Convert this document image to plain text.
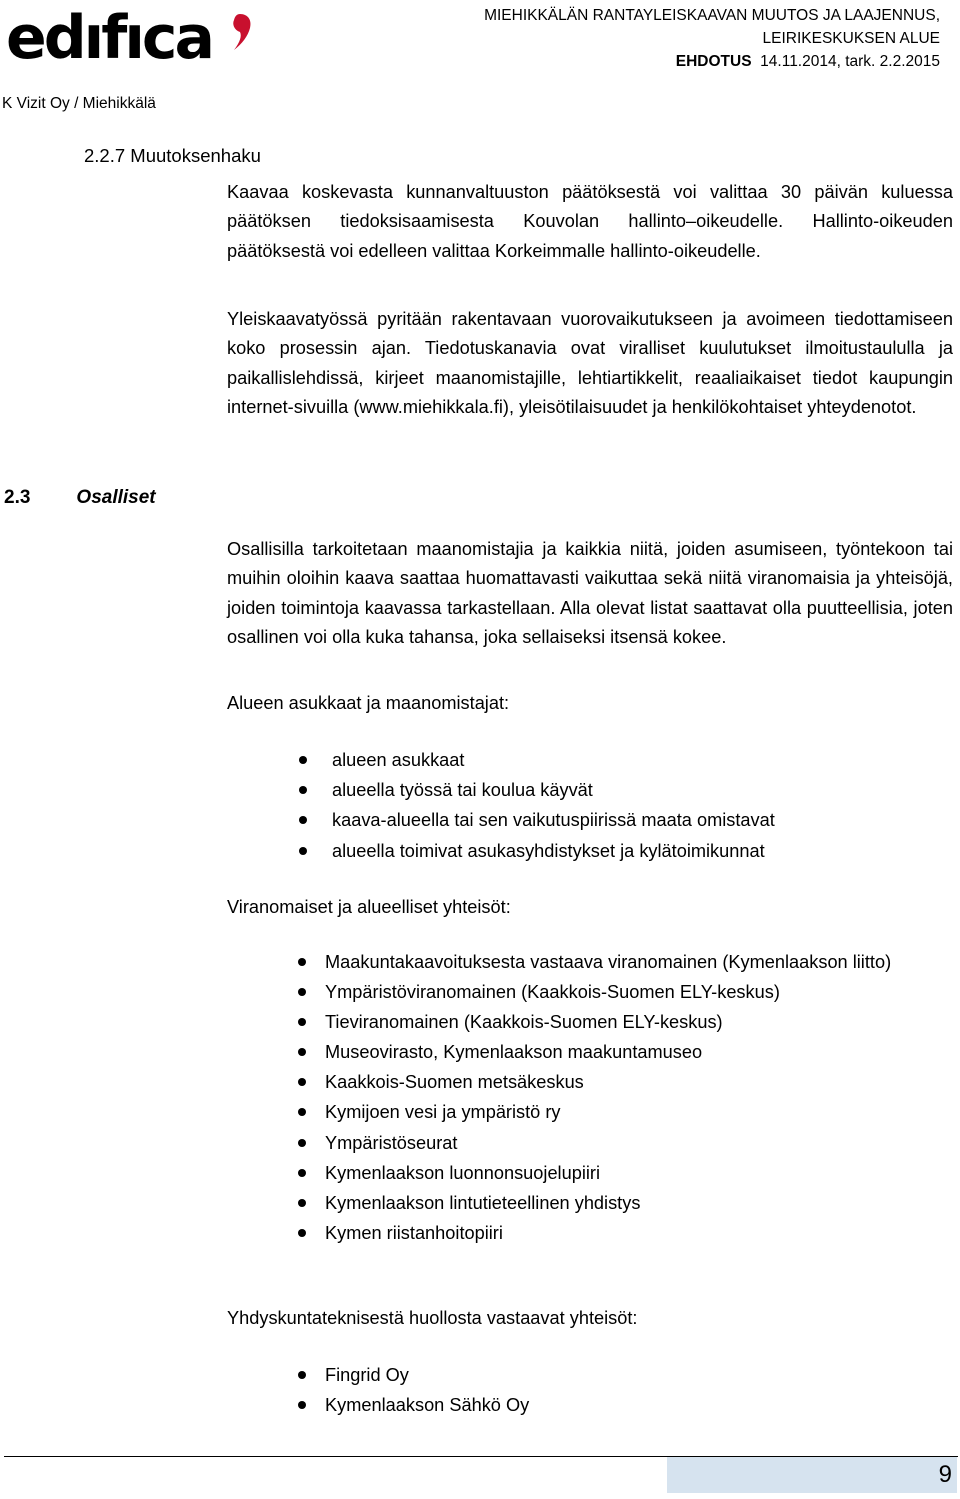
edıfıca	MIEHIKKÄLÄN RANTAYLEISKAAVAN MUUTOS JA LAAJENNUS,
LEIRIKESKUKSEN ALUE
EHDOTUS 14.11.2014, tark. 2.2.2015
K Vizit Oy / Miehikkälä
2.2.7 Muutoksenhaku
Kaavaa koskevasta kunnanvaltuuston päätöksestä voi valittaa 30 päivän kuluessa päätöksen tiedoksisaamisesta Kouvolan hallinto–oikeudelle. Hallinto-oikeuden päätöksestä voi edelleen valittaa Korkeimmalle hallinto-oikeudelle.
Yleiskaavatyössä pyritään rakentavaan vuorovaikutukseen ja avoimeen tiedottamiseen koko prosessin ajan. Tiedotuskanavia ovat viralliset kuulutukset ilmoitustaululla ja paikallislehdissä, kirjeet maanomistajille, lehtiartikkelit, reaaliaikaiset tiedot kaupungin internet-sivuilla (www.miehikkala.fi), yleisötilaisuudet ja henkilökohtaiset yhteydenotot.
2.3 Osalliset
Osallisilla tarkoitetaan maanomistajia ja kaikkia niitä, joiden asumiseen, työntekoon tai muihin oloihin kaava saattaa huomattavasti vaikuttaa sekä niitä viranomaisia ja yhteisöjä, joiden toimintoja kaavassa tarkastellaan. Alla olevat listat saattavat olla puutteellisia, joten osallinen voi olla kuka tahansa, joka sellaiseksi itsensä kokee.
Alueen asukkaat ja maanomistajat:
alueen asukkaat
alueella työssä tai koulua käyvät
kaava-alueella tai sen vaikutuspiirissä maata omistavat
alueella toimivat asukasyhdistykset ja kylätoimikunnat
Viranomaiset ja alueelliset yhteisöt:
Maakuntakaavoituksesta vastaava viranomainen (Kymenlaakson liitto)
Ympäristöviranomainen (Kaakkois-Suomen ELY-keskus)
Tieviranomainen (Kaakkois-Suomen ELY-keskus)
Museovirasto, Kymenlaakson maakuntamuseo
Kaakkois-Suomen metsäkeskus
Kymijoen vesi ja ympäristö ry
Ympäristöseurat
Kymenlaakson luonnonsuojelupiiri
Kymenlaakson lintutieteellinen yhdistys
Kymen riistanhoitopiiri
Yhdyskuntateknisestä huollosta vastaavat yhteisöt:
Fingrid Oy
Kymenlaakson Sähkö Oy
9
